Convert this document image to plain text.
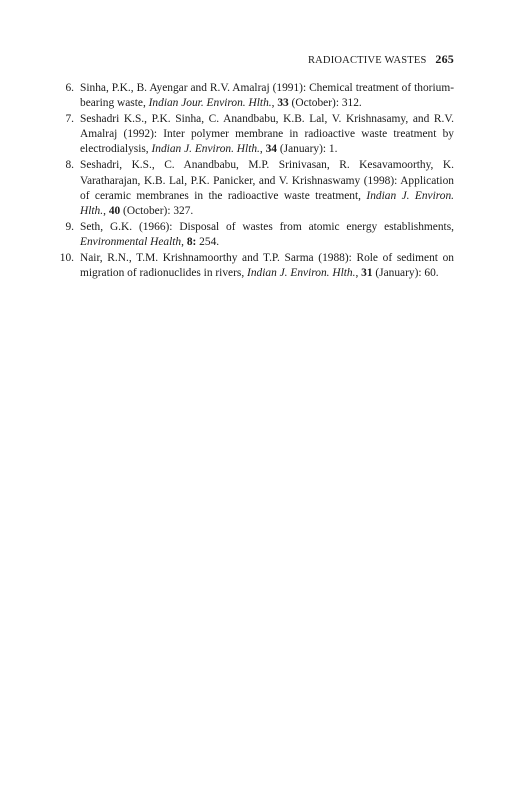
RADIOACTIVE WASTES 265
6. Sinha, P.K., B. Ayengar and R.V. Amalraj (1991): Chemical treatment of thorium-bearing waste, Indian Jour. Environ. Hlth., 33 (October): 312.
7. Seshadri K.S., P.K. Sinha, C. Anandbabu, K.B. Lal, V. Krishnasamy, and R.V. Amalraj (1992): Inter polymer membrane in radioactive waste treatment by electrodialysis, Indian J. Environ. Hlth., 34 (January): 1.
8. Seshadri, K.S., C. Anandbabu, M.P. Srinivasan, R. Kesavamoorthy, K. Varatharajan, K.B. Lal, P.K. Panicker, and V. Krishnaswamy (1998): Application of ceramic membranes in the radioactive waste treatment, Indian J. Environ. Hlth., 40 (October): 327.
9. Seth, G.K. (1966): Disposal of wastes from atomic energy establishments, Environmental Health, 8: 254.
10. Nair, R.N., T.M. Krishnamoorthy and T.P. Sarma (1988): Role of sediment on migration of radionuclides in rivers, Indian J. Environ. Hlth., 31 (January): 60.
